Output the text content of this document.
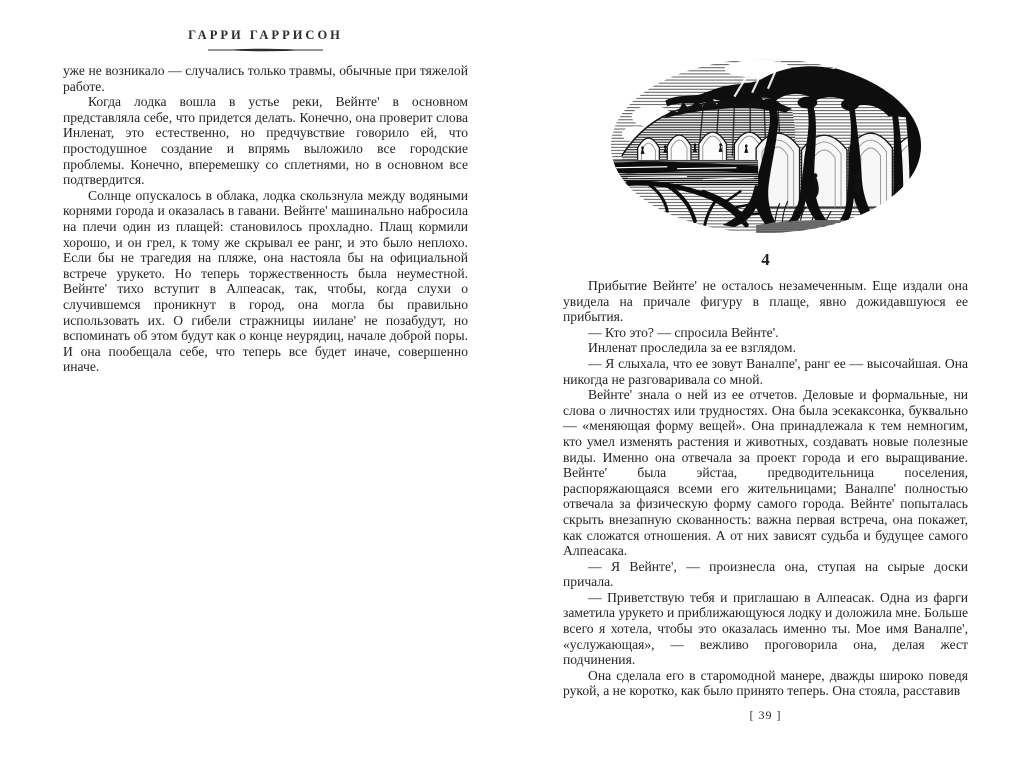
ГАРРИ ГАРРИСОН

уже не возникало — случались только травмы, обычные при тяжелой работе.

Когда лодка вошла в устье реки, Вейнте' в основном представляла себе, что придется делать. Конечно, она проверит слова Инленат, это естественно, но предчувствие говорило ей, что простодушное создание и впрямь выложило все городские проблемы. Конечно, вперемешку со сплетнями, но в основном все подтвердится.

Солнце опускалось в облака, лодка скользнула между водяными корнями города и оказалась в гавани. Вейнте' машинально набросила на плечи один из плащей: становилось прохладно. Плащ кормили хорошо, и он грел, к тому же скрывал ее ранг, и это было неплохо. Если бы не трагедия на пляже, она настояла бы на официальной встрече урукето. Но теперь торжественность была неуместной. Вейнте' тихо вступит в Алпеасак, так, чтобы, когда слухи о случившемся проникнут в город, она могла бы правильно использовать их. О гибели стражницы иилане' не позабудут, но вспоминать об этом будут как о конце неурядиц, начале доброй поры. И она пообещала себе, что теперь все будет иначе, совершенно иначе.

4

Прибытие Вейнте' не осталось незамеченным. Еще издали она увидела на причале фигуру в плаще, явно дожидавшуюся ее прибытия.

— Кто это? — спросила Вейнте'.

Инленат проследила за ее взглядом.

— Я слыхала, что ее зовут Ваналпе', ранг ее — высочайшая. Она никогда не разговаривала со мной.

Вейнте' знала о ней из ее отчетов. Деловые и формальные, ни слова о личностях или трудностях. Она была эсекаксонка, буквально — «меняющая форму вещей». Она принадлежала к тем немногим, кто умел изменять растения и животных, создавать новые полезные виды. Именно она отвечала за проект города и его выращивание. Вейнте' была эйстаа, предводительница поселения, распоряжающаяся всеми его жительницами; Ваналпе' полностью отвечала за физическую форму самого города. Вейнте' попыталась скрыть внезапную скованность: важна первая встреча, она покажет, как сложатся отношения. А от них зависят судьба и будущее самого Алпеасака.

— Я Вейнте', — произнесла она, ступая на сырые доски причала.

— Приветствую тебя и приглашаю в Алпеасак. Одна из фарги заметила урукето и приближающуюся лодку и доложила мне. Больше всего я хотела, чтобы это оказалась именно ты. Мое имя Ваналпе', «услужающая», — вежливо проговорила она, делая жест подчинения.

Она сделала его в старомодной манере, дважды широко поведя рукой, а не коротко, как было принято теперь. Она стояла, расставив

[ 39 ]
